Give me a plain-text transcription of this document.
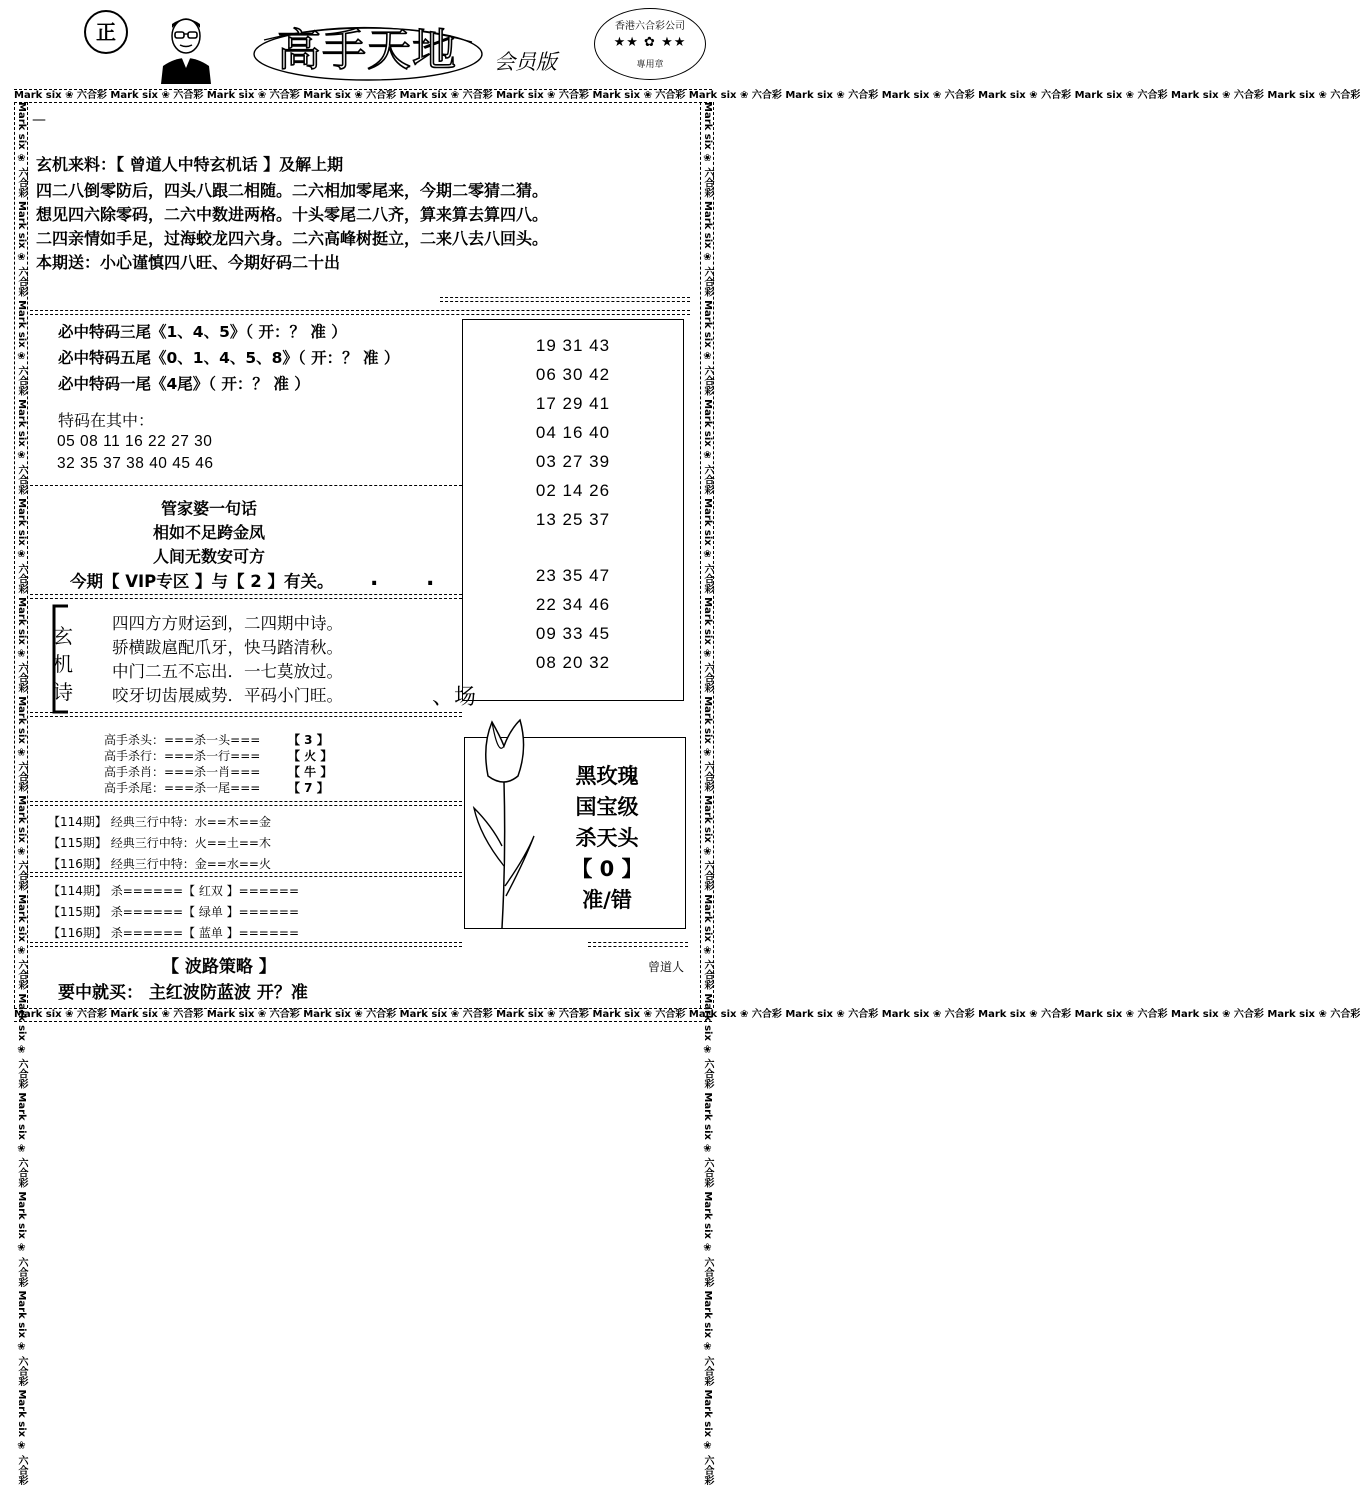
正	高手天地	会员版
香港六合彩公司
★★ ✿ ★★
專用章
Mark six ❀ 六合彩 Mark six ❀ 六合彩 Mark six ❀ 六合彩 Mark six ❀ 六合彩 Mark six ❀ 六合彩 Mark six ❀ 六合彩 Mark six ❀ 六合彩 Mark six ❀ 六合彩 Mark six ❀ 六合彩 Mark six ❀ 六合彩 Mark six ❀ 六合彩 Mark six ❀ 六合彩 Mark six ❀ 六合彩 Mark six ❀ 六合彩
Mark six ❀ 六合彩 Mark six ❀ 六合彩 Mark six ❀ 六合彩 Mark six ❀ 六合彩 Mark six ❀ 六合彩 Mark six ❀ 六合彩 Mark six ❀ 六合彩 Mark six ❀ 六合彩 Mark six ❀ 六合彩 Mark six ❀ 六合彩 Mark six ❀ 六合彩 Mark six ❀ 六合彩 Mark six ❀ 六合彩 Mark six ❀ 六合彩
Mark six ❀ 六合彩 Mark six ❀ 六合彩 Mark six ❀ 六合彩 Mark six ❀ 六合彩 Mark six ❀ 六合彩 Mark six ❀ 六合彩 Mark six ❀ 六合彩 Mark six ❀ 六合彩 Mark six ❀ 六合彩 Mark six ❀ 六合彩 Mark six ❀ 六合彩 Mark six ❀ 六合彩 Mark six ❀ 六合彩 Mark six ❀ 六合彩	Mark six ❀ 六合彩 Mark six ❀ 六合彩 Mark six ❀ 六合彩 Mark six ❀ 六合彩 Mark six ❀ 六合彩 Mark six ❀ 六合彩 Mark six ❀ 六合彩 Mark six ❀ 六合彩 Mark six ❀ 六合彩 Mark six ❀ 六合彩 Mark six ❀ 六合彩 Mark six ❀ 六合彩 Mark six ❀ 六合彩 Mark six ❀ 六合彩
—
玄机来料：【 曾道人中特玄机话 】及解上期
四二八倒零防后，四头八跟二相随。二六相加零尾来，今期二零猜二猜。
想见四六除零码，二六中数进两格。十头零尾二八齐，算来算去算四八。
二四亲情如手足，过海蛟龙四六身。二六高峰树挺立，二来八去八回头。
本期送：小心谨慎四八旺、今期好码二十出
必中特码三尾《1、4、5》（ 开：？ 准 ）
必中特码五尾《0、1、4、5、8》（ 开：？ 准 ）
必中特码一尾《4尾》（ 开：？ 准 ）
特码在其中：
05 08 11 16 22 27 30
32 35 37 38 40 45 46
19 31 43
06 30 42
17 29 41
04 16 40
03 27 39
02 14 26
13 25 37
23 35 47
22 34 46
09 33 45
08 20 32
管家婆一句话
相如不足跨金凤
人间无数安可方
今期【 VIP专区 】与【 2 】有关。 . .
玄
机
诗
四四方方财运到，二四期中诗。
骄横跋扈配爪牙，快马踏清秋。
中门二五不忘出．一七莫放过。
咬牙切齿展威势．平码小门旺。	、场
高手杀头：===杀一头=== 【 3 】
高手杀行：===杀一行=== 【 火 】
高手杀肖：===杀一肖=== 【 牛 】
高手杀尾：===杀一尾=== 【 7 】
【114期】 经典三行中特：水==木==金
【115期】 经典三行中特：火==土==木
【116期】 经典三行中特：金==水==火
【114期】 杀======【 红双 】======
【115期】 杀======【 绿单 】======
【116期】 杀======【 蓝单 】======
黑玫瑰
国宝级
杀天头
【 0 】
准/错
【 波路策略 】
要中就买： 主红波防蓝波 开？准
曾道人
